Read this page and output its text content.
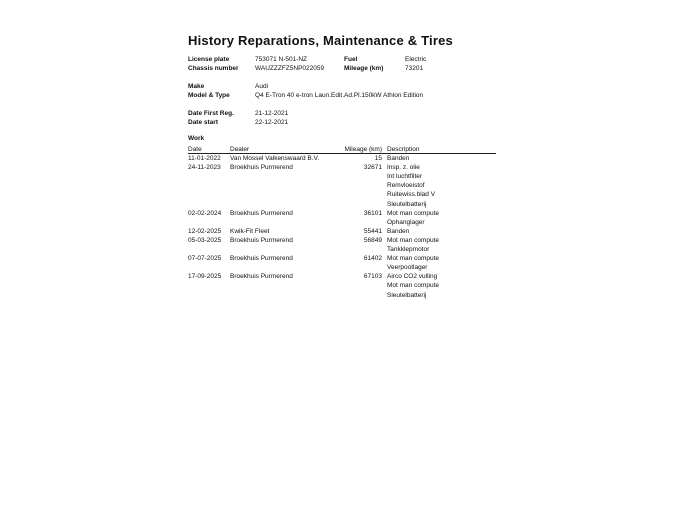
History Reparations, Maintenance & Tires
License plate	753071 N-501-NZ	Fuel	Electric
Chassis number	WAUZZZFZ5NP022059	Mileage (km)	73201
Make	Audi
Model & Type	Q4 E-Tron 40 e-tron Laun.Edit.Ad.Pl.150kW Athlon Edition
Date First Reg.	21-12-2021
Date start	22-12-2021
Work
Date	Dealer	Mileage (km) Description
11-01-2022 Van Mossel Valkenswaard B.V.	15 Banden
24-11-2023 Broekhuis Purmerend	32671 Insp. z. olie
Int luchtfilter
Remvloeistof
Ruitewiss.blad V
Sleutelbatterij
02-02-2024 Broekhuis Purmerend	36101 Mot man compute
Ophanglager
12-02-2025 Kwik-Fit Fleet	55441 Banden
05-03-2025 Broekhuis Purmerend	56849 Mot man compute
Tankklepmotor
07-07-2025 Broekhuis Purmerend	61402 Mot man compute
Veerpootlager
17-09-2025 Broekhuis Purmerend	67103 Airco CO2 vulling
Mot man compute
Sleutelbatterij
